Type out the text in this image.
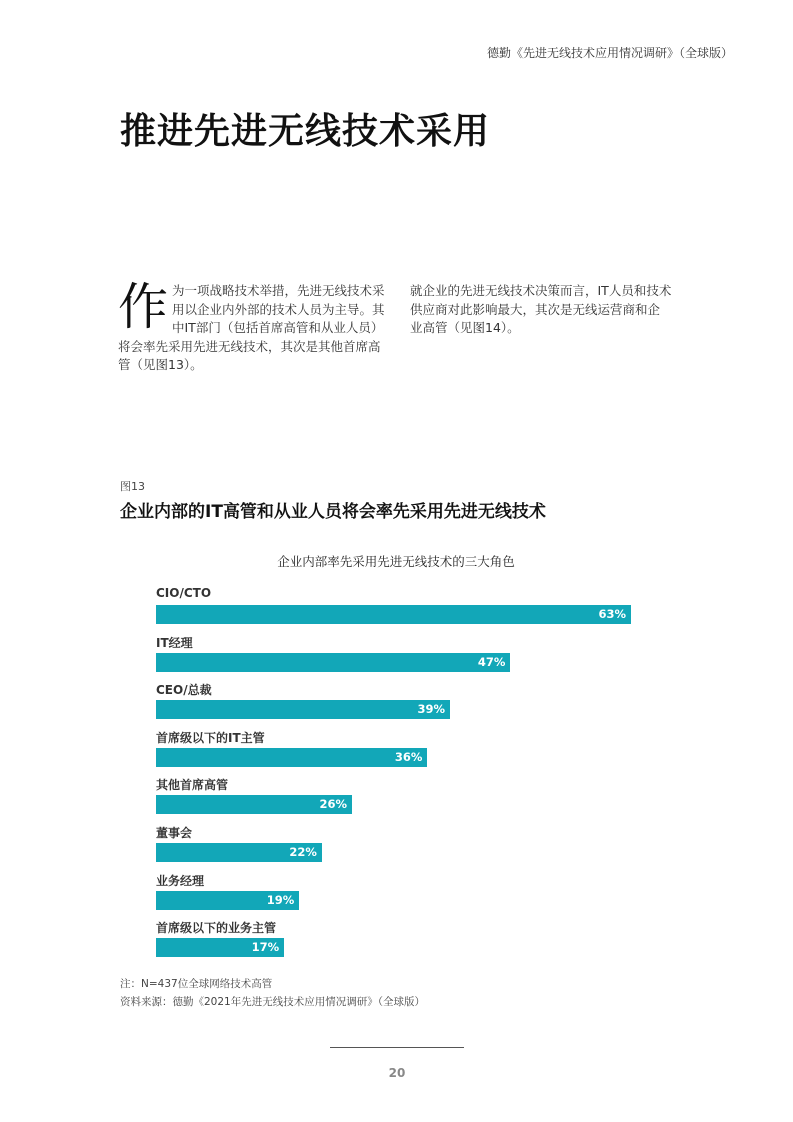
德勤《先进无线技术应用情况调研》（全球版）
推进先进无线技术采用
作 为一项战略技术举措，先进无线技术采用以企业内外部的技术人员为主导。其中IT部门（包括首席高管和从业人员）将会率先采用先进无线技术，其次是其他首席高管（见图13）。
就企业的先进无线技术决策而言，IT人员和技术供应商对此影响最大，其次是无线运营商和企业高管（见图14）。
图13
企业内部的IT高管和从业人员将会率先采用先进无线技术
企业内部率先采用先进无线技术的三大角色
CIO/CTO
63%
IT经理
47%
CEO/总裁
39%
首席级以下的IT主管
36%
其他首席高管
26%
董事会
22%
业务经理
19%
首席级以下的业务主管
17%
注：N=437位全球网络技术高管
资料来源：德勤《2021年先进无线技术应用情况调研》（全球版）
20
